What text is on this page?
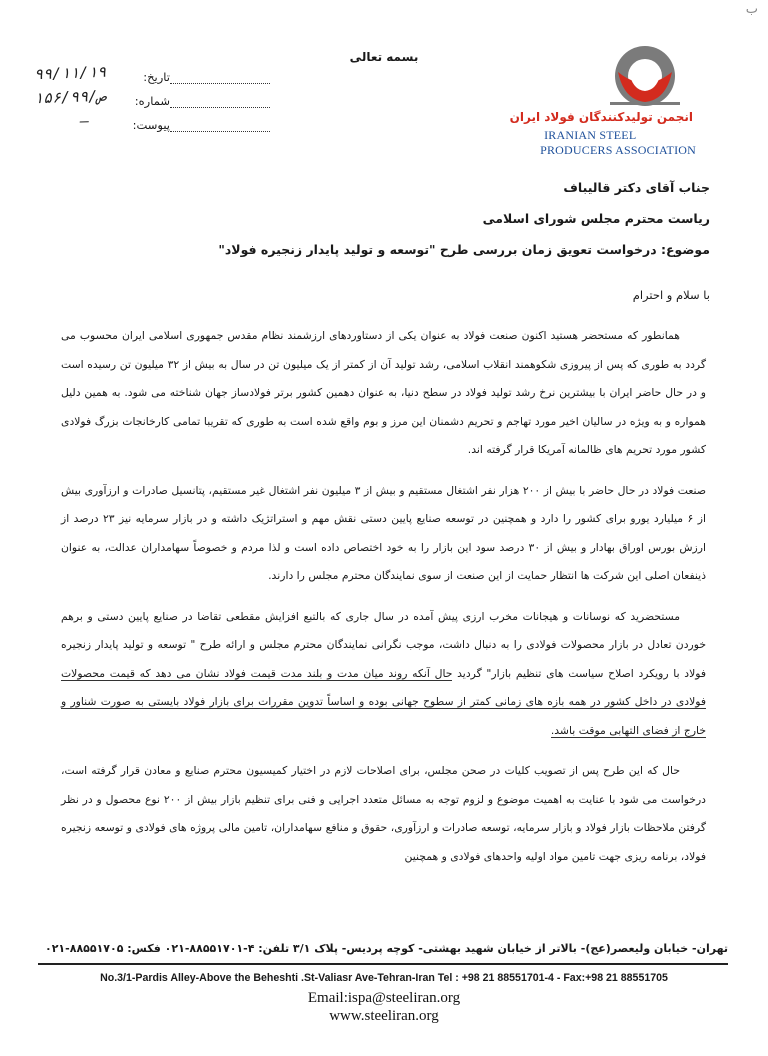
ب
بسمه تعالی
انجمن تولیدکنندگان فولاد ایران
IRANIAN STEEL
PRODUCERS ASSOCIATION
۹۹/۱۱/۱۹	تاریخ:
۱۵۶/ص/۹۹ شماره:
—	پیوست:
جناب آقای دکتر قالیباف
ریاست محترم مجلس شورای اسلامی
موضوع: درخواست تعویق زمان بررسی طرح "توسعه و تولید پایدار زنجیره فولاد"
با سلام و احترام

همانطور که مستحضر هستید اکنون صنعت فولاد به عنوان یکی از دستاوردهای ارزشمند نظام مقدس جمهوری اسلامی ایران محسوب می گردد به طوری که پس از پیروزی شکوهمند انقلاب اسلامی، رشد تولید آن از کمتر از یک میلیون تن در سال به بیش از ۳۲ میلیون تن رسیده است و در حال حاضر ایران با بیشترین نرخ رشد تولید فولاد در سطح دنیا، به عنوان دهمین کشور برتر فولادساز جهان شناخته می شود. به همین دلیل همواره و به ویژه در سالیان اخیر مورد تهاجم و تحریم دشمنان این مرز و بوم واقع شده است به طوری که تقریبا تمامی کارخانجات بزرگ فولادی کشور مورد تحریم های ظالمانه آمریکا قرار گرفته اند.

صنعت فولاد در حال حاضر با بیش از ۲۰۰ هزار نفر اشتغال مستقیم و بیش از ۳ میلیون نفر اشتغال غیر مستقیم، پتانسیل صادرات و ارزآوری بیش از ۶ میلیارد یورو برای کشور را دارد و همچنین در توسعه صنایع پایین دستی نقش مهم و استراتژیک داشته و در بازار سرمایه نیز ۲۳ درصد از ارزش بورس اوراق بهادار و بیش از ۳۰ درصد سود این بازار را به خود اختصاص داده است و لذا مردم و خصوصاً سهامداران عدالت، به عنوان ذینفعان اصلی این شرکت ها انتظار حمایت از این صنعت از سوی نمایندگان محترم مجلس را دارند.

مستحضرید که نوسانات و هیجانات مخرب ارزی پیش آمده در سال جاری که بالتبع افزایش مقطعی تقاضا در صنایع پایین دستی و برهم خوردن تعادل در بازار محصولات فولادی را به دنبال داشت، موجب نگرانی نمایندگان محترم مجلس و ارائه طرح " توسعه و تولید پایدار زنجیره فولاد با رویکرد اصلاح سیاست های تنظیم بازار" گردید حال آنکه روند میان مدت و بلند مدت قیمت فولاد نشان می دهد که قیمت محصولات فولادی در داخل کشور در همه بازه های زمانی کمتر از سطوح جهانی بوده و اساساً تدوین مقررات برای بازار فولاد بایستی به صورت شناور و خارج از فضای التهابی موقت باشد.

حال که این طرح پس از تصویب کلیات در صحن مجلس، برای اصلاحات لازم در اختیار کمیسیون محترم صنایع و معادن قرار گرفته است، درخواست می شود با عنایت به اهمیت موضوع و لزوم توجه به مسائل متعدد اجرایی و فنی برای تنظیم بازار بیش از ۲۰۰ نوع محصول و در نظر گرفتن ملاحظات بازار فولاد و بازار سرمایه، توسعه صادرات و ارزآوری، حقوق و منافع سهامداران، تامین مالی پروژه های فولادی و توسعه زنجیره فولاد، برنامه ریزی جهت تامین مواد اولیه واحدهای فولادی و همچنین

تهران- خیابان ولیعصر(عج)- بالاتر از خیابان شهید بهشتی- کوچه پردیس- پلاک ۳/۱ تلفن: ۴-۸۸۵۵۱۷۰۱-۰۲۱ فکس: ۸۸۵۵۱۷۰۵-۰۲۱
No.3/1-Pardis Alley-Above the Beheshti .St-Valiasr Ave-Tehran-Iran Tel : +98 21 88551701-4 - Fax:+98 21 88551705
Email:ispa@steeliran.org
www.steeliran.org
